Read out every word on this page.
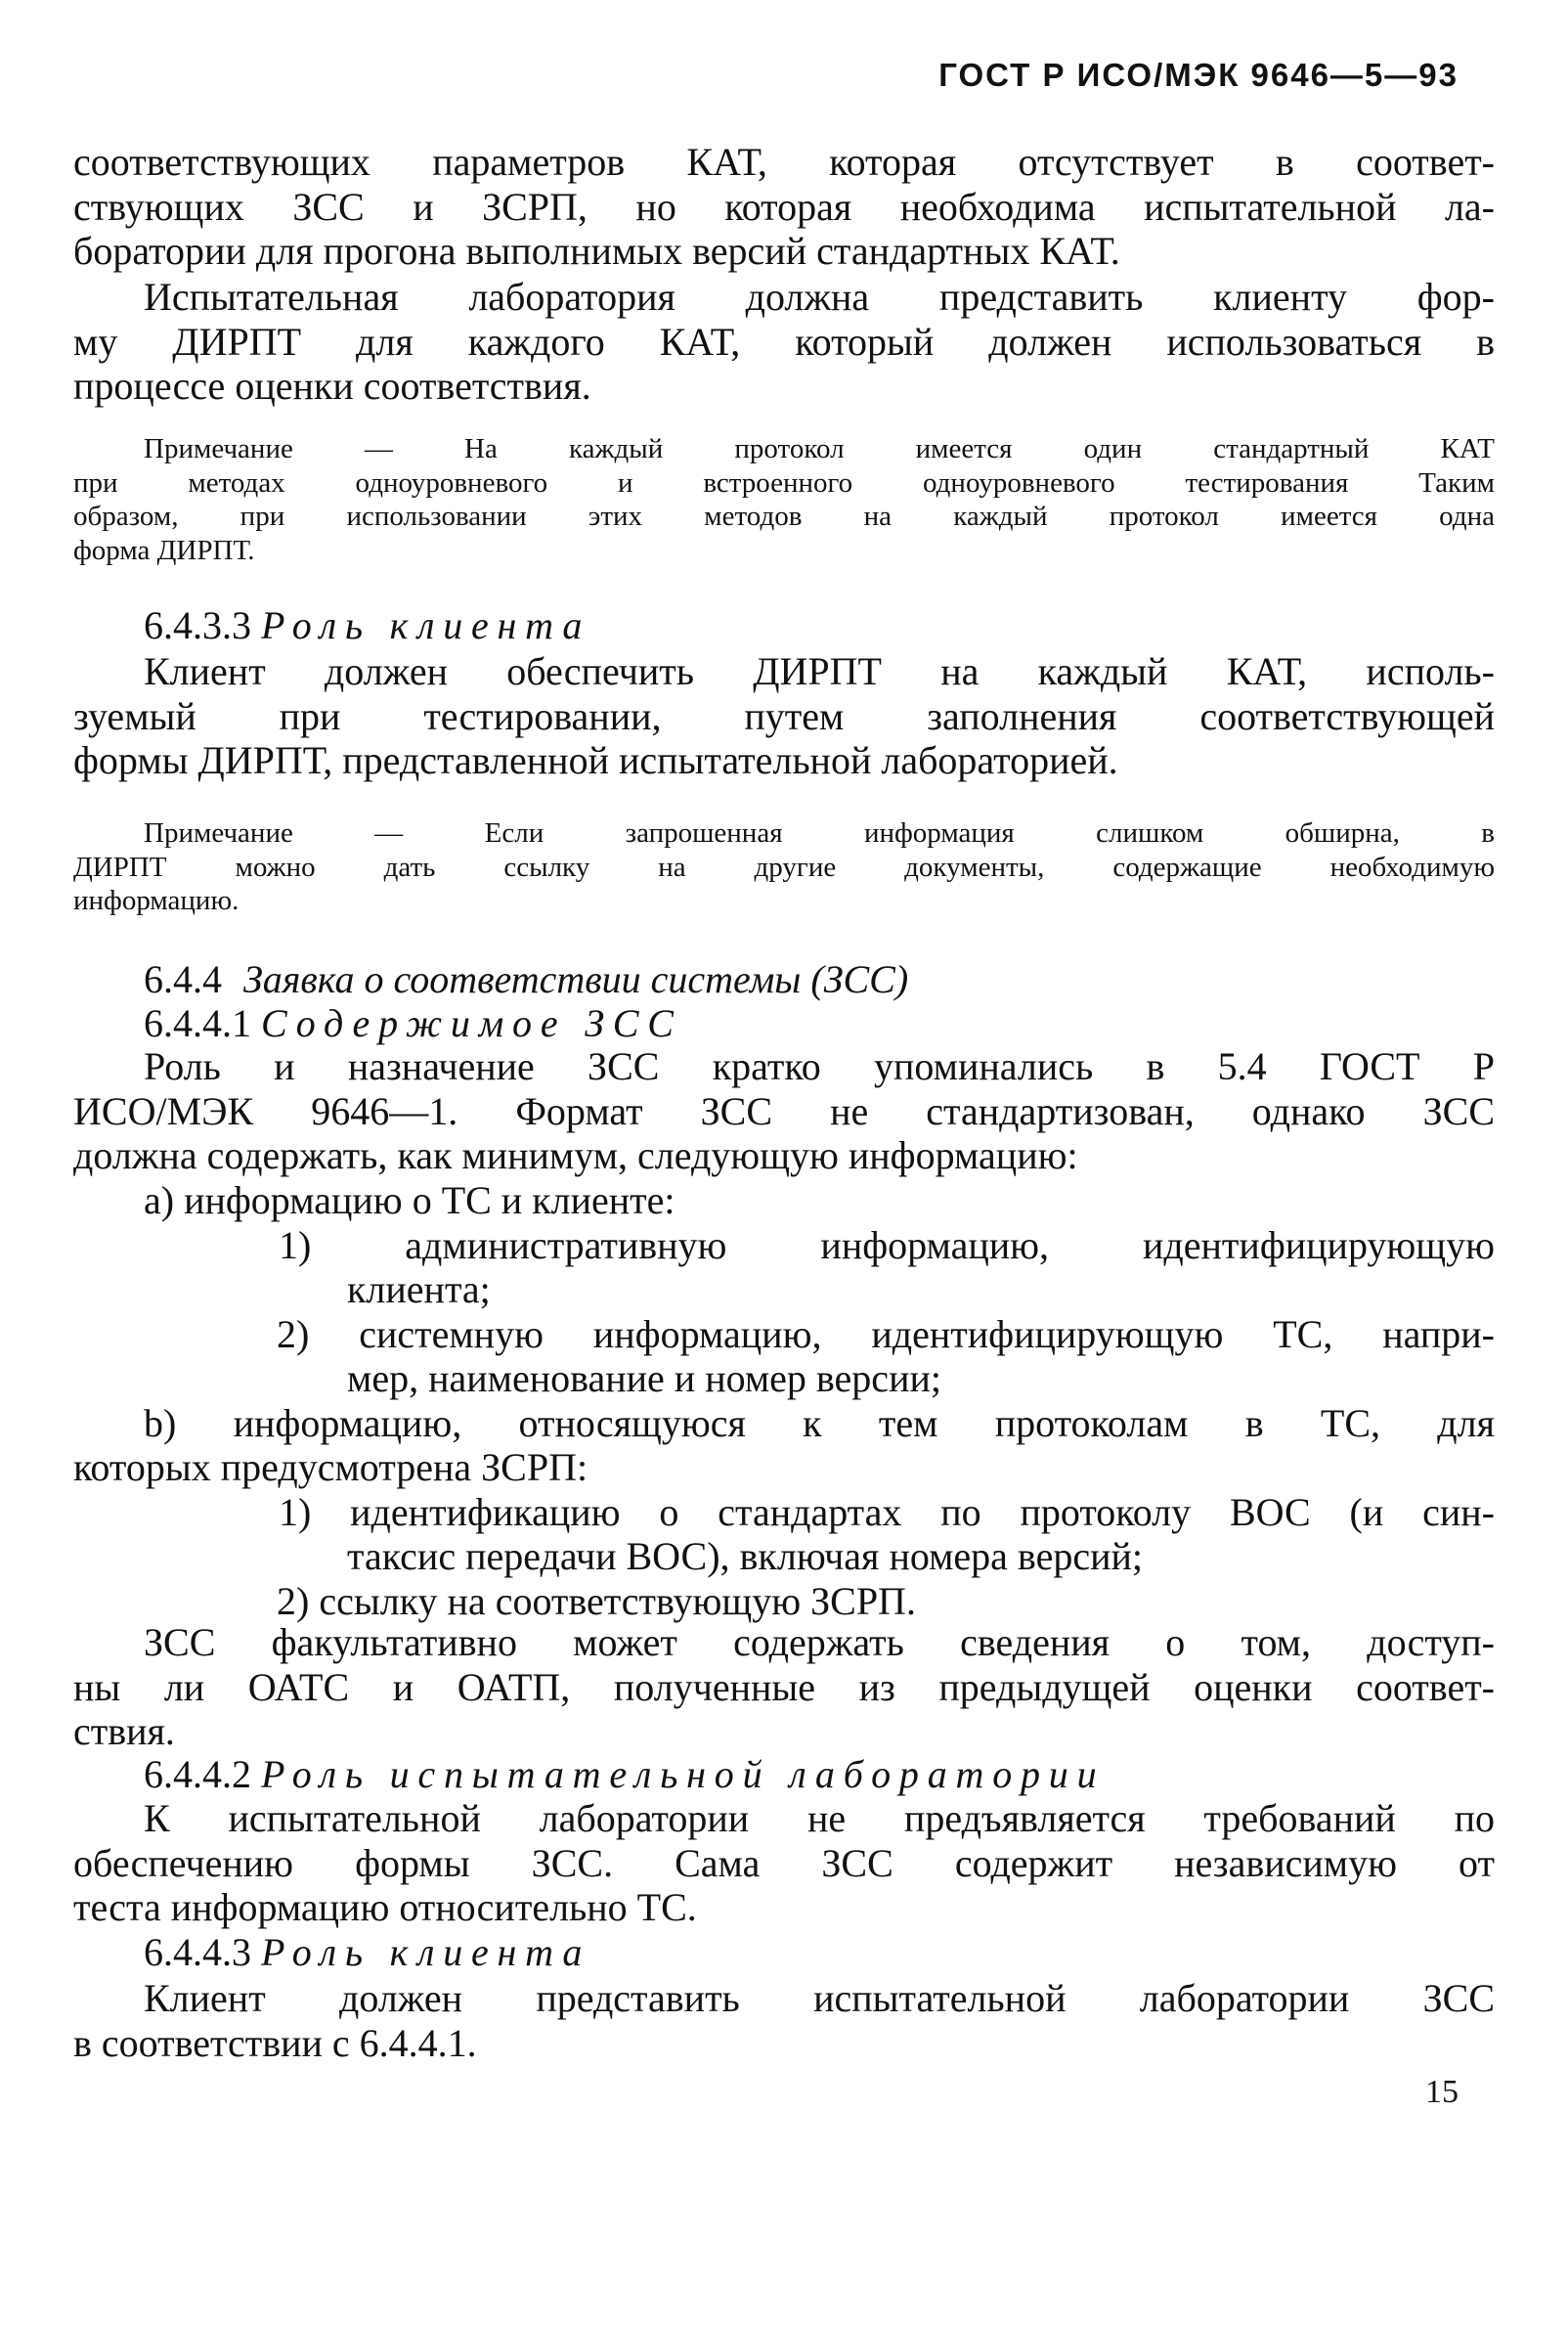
ГОСТ Р ИСО/МЭК 9646—5—93
соответствующих параметров КАТ, которая отсутствует в соответ-
ствующих ЗСС и ЗСРП, но которая необходима испытательной ла-
боратории для прогона выполнимых версий стандартных КАТ.
Испытательная лаборатория должна представить клиенту фор-
му ДИРПТ для каждого КАТ, который должен использоваться в
процессе оценки соответствия.
Примечание — На каждый протокол имеется один стандартный КАТ
при методах одноуровневого и встроенного одноуровневого тестирования Таким
образом, при использовании этих методов на каждый протокол имеется одна
форма ДИРПТ.
6.4.3.3 Роль клиента
Клиент должен обеспечить ДИРПТ на каждый КАТ, исполь-
зуемый при тестировании, путем заполнения соответствующей
формы ДИРПТ, представленной испытательной лабораторией.
Примечание — Если запрошенная информация слишком обширна, в
ДИРПТ можно дать ссылку на другие документы, содержащие необходимую
информацию.
6.4.4 Заявка о соответствии системы (ЗСС)
6.4.4.1 Содержимое ЗСС
Роль и назначение ЗСС кратко упоминались в 5.4 ГОСТ Р
ИСО/МЭК 9646—1. Формат ЗСС не стандартизован, однако ЗСС
должна содержать, как минимум, следующую информацию:
а) информацию о ТС и клиенте:
1) административную информацию, идентифицирующую
клиента;
2) системную информацию, идентифицирующую ТС, напри-
мер, наименование и номер версии;
b) информацию, относящуюся к тем протоколам в ТС, для
которых предусмотрена ЗСРП:
1) идентификацию о стандартах по протоколу ВОС (и син-
таксис передачи ВОС), включая номера версий;
2) ссылку на соответствующую ЗСРП.
ЗСС факультативно может содержать сведения о том, доступ-
ны ли ОАТС и ОАТП, полученные из предыдущей оценки соответ-
ствия.
6.4.4.2 Роль испытательной лаборатории
К испытательной лаборатории не предъявляется требований по
обеспечению формы ЗСС. Сама ЗСС содержит независимую от
теста информацию относительно ТС.
6.4.4.3 Роль клиента
Клиент должен представить испытательной лаборатории ЗСС
в соответствии с 6.4.4.1.
15
